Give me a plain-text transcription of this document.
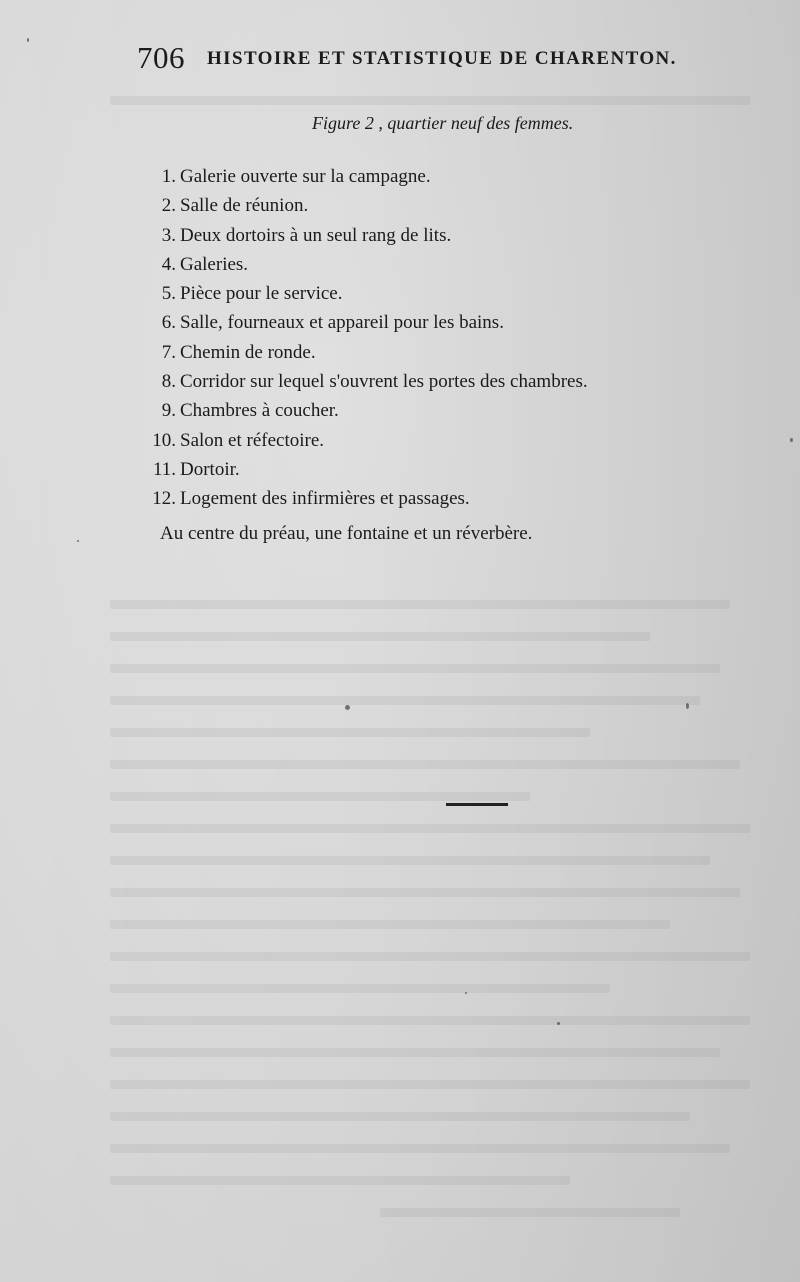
706 HISTOIRE ET STATISTIQUE DE CHARENTON.
Figure 2 , quartier neuf des femmes.
1. Galerie ouverte sur la campagne.
2. Salle de réunion.
3. Deux dortoirs à un seul rang de lits.
4. Galeries.
5. Pièce pour le service.
6. Salle, fourneaux et appareil pour les bains.
7. Chemin de ronde.
8. Corridor sur lequel s'ouvrent les portes des chambres.
9. Chambres à coucher.
10. Salon et réfectoire.
11. Dortoir.
12. Logement des infirmières et passages.
Au centre du préau, une fontaine et un réverbère.
